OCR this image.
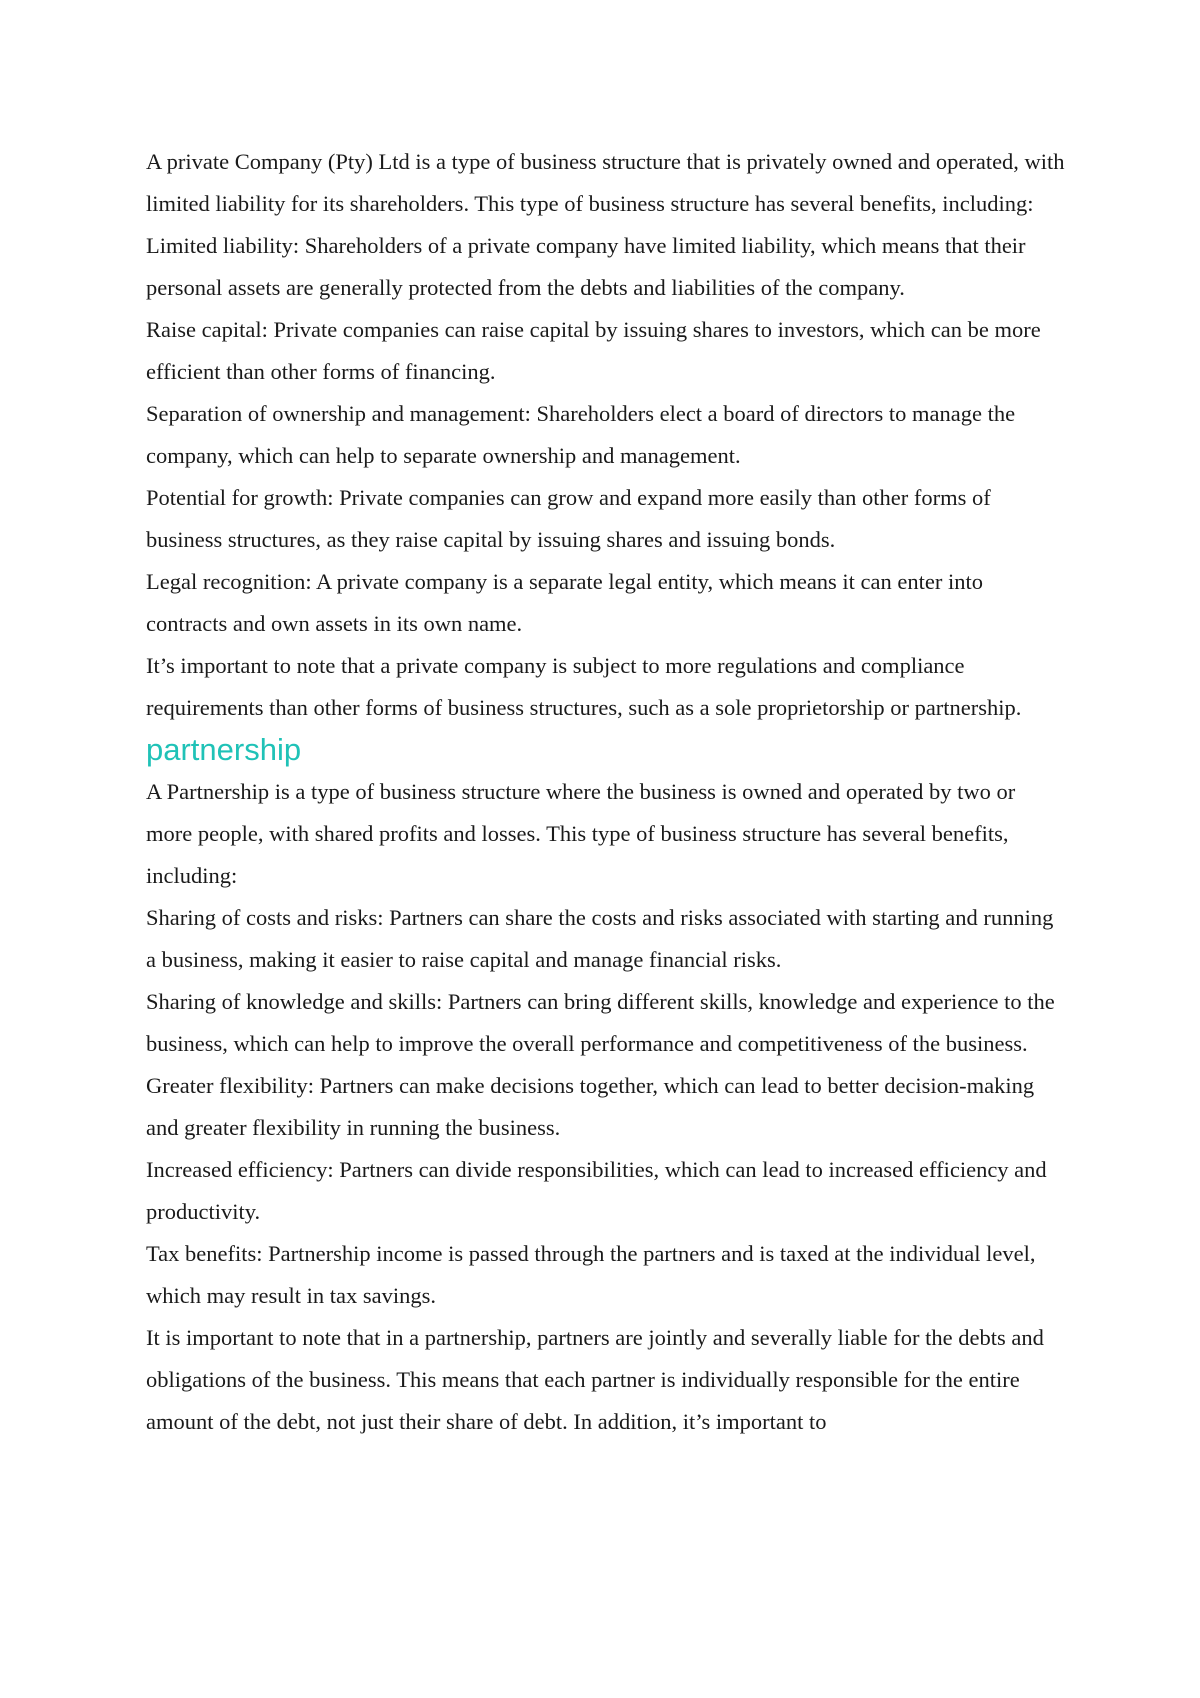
A private Company (Pty) Ltd is a type of business structure that is privately owned and operated, with limited liability for its shareholders. This type of business structure has several benefits, including:

Limited liability: Shareholders of a private company have limited liability, which means that their personal assets are generally protected from the debts and liabilities of the company.

Raise capital: Private companies can raise capital by issuing shares to investors, which can be more efficient than other forms of financing.

Separation of ownership and management: Shareholders elect a board of directors to manage the company, which can help to separate ownership and management.

Potential for growth: Private companies can grow and expand more easily than other forms of business structures, as they raise capital by issuing shares and issuing bonds.

Legal recognition: A private company is a separate legal entity, which means it can enter into contracts and own assets in its own name.

It’s important to note that a private company is subject to more regulations and compliance requirements than other forms of business structures, such as a sole proprietorship or partnership.

partnership

A Partnership is a type of business structure where the business is owned and operated by two or more people, with shared profits and losses. This type of business structure has several benefits, including:

Sharing of costs and risks: Partners can share the costs and risks associated with starting and running a business, making it easier to raise capital and manage financial risks.

Sharing of knowledge and skills: Partners can bring different skills, knowledge and experience to the business, which can help to improve the overall performance and competitiveness of the business.

Greater flexibility: Partners can make decisions together, which can lead to better decision-making and greater flexibility in running the business.

Increased efficiency: Partners can divide responsibilities, which can lead to increased efficiency and productivity.

Tax benefits: Partnership income is passed through the partners and is taxed at the individual level, which may result in tax savings.

It is important to note that in a partnership, partners are jointly and severally liable for the debts and obligations of the business. This means that each partner is individually responsible for the entire amount of the debt, not just their share of debt. In addition, it’s important to
